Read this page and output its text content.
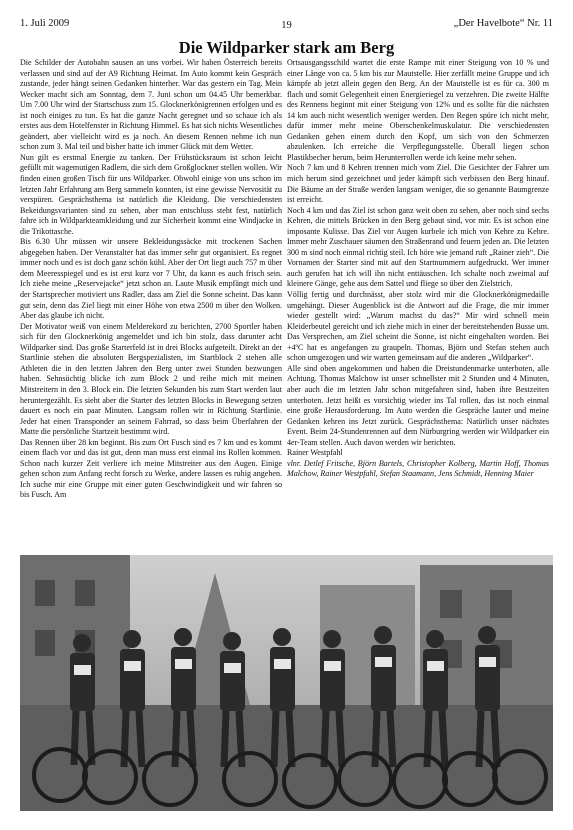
1. Juli 2009	19	„Der Havelbote“ Nr. 11
Die Wildparker stark am Berg

Die Schilder der Autobahn sausen an uns vorbei. Wir haben Österreich bereits verlassen und sind auf der A9 Richtung Heimat. Im Auto kommt kein Gespräch zustande, jeder hängt seinen Gedanken hinterher. War das gestern ein Tag. Mein Wecker macht sich am Sonntag, dem 7. Juni schon um 04.45 Uhr bemerkbar. Um 7.00 Uhr wird der Startschuss zum 15. Glocknerkönigrennen erfolgen und es ist noch einiges zu tun. Es hat die ganze Nacht geregnet und so schaue ich als erstes aus dem Hotelfenster in Richtung Himmel. Es hat sich nichts Wesentliches geändert, aber vielleicht wird es ja noch. An diesem Rennen nehme ich nun schon zum 3. Mal teil und bisher hatte ich immer Glück mit dem Wetter.

Nun gilt es erstmal Energie zu tanken. Der Frühstücksraum ist schon leicht gefüllt mit wagemutigen Radlern, die sich dem Großglockner stellen wollen. Wir finden einen großen Tisch für uns Wildparker. Obwohl einige von uns schon im letzten Jahr Erfahrung am Berg sammeln konnten, ist eine gewisse Nervosität zu verspüren. Gesprächsthema ist natürlich die Kleidung. Die verschiedensten Bekeidungsvarianten sind zu sehen, aber man entschluss steht fest, natürlich fahre ich in Wildparkteamkleidung und zur Sicherheit kommt eine Windjacke in die Trikottasche.

Bis 6.30 Uhr müssen wir unsere Bekleidungssäcke mit trockenen Sachen abgegeben haben. Der Veranstalter hat das immer sehr gut organisiert. Es regnet immer noch und es ist doch ganz schön kühl. Aber der Ort liegt auch 757 m über dem Meeresspiegel und es ist erst kurz vor 7 Uhr, da kann es auch frisch sein. Ich ziehe meine „Reservejacke“ jetzt schon an. Laute Musik empfängt mich und der Startsprecher motiviert uns Radler, dass am Ziel die Sonne scheint. Das kann gut sein, denn das Ziel liegt mit einer Höhe von etwa 2500 m über den Wolken. Aber das glaube ich nicht.

Der Motivator weiß von einem Melderekord zu berichten, 2700 Sportler haben sich für den Glocknerkönig angemeldet und ich bin stolz, dass darunter acht Wildparker sind. Das große Starterfeld ist in drei Blocks aufgeteilt. Direkt an der Startlinie stehen die absoluten Bergspezialisten, im Startblock 2 stehen alle Athleten die in den letzten Jahren den Berg unter zwei Stunden bezwungen haben. Sehnsüchtig blicke ich zum Block 2 und reihe mich mit meinen Mitstreitern in den 3. Block ein. Die letzten Sekunden bis zum Start werden laut heruntergezählt. Es sieht aber die Starter des letzten Blocks in Bewegung setzen dauert es noch ein paar Minuten. Langsam rollen wir in Richtung Startlinie. Jeder hat einen Transponder an seinem Fahrrad, so dass beim Überfahren der Matte die persönliche Startzeit bestimmt wird.

Das Rennen über 28 km beginnt. Bis zum Ort Fusch sind es 7 km und es kommt einem flach vor und das ist gut, denn man muss erst einmal ins Rollen kommen. Schon nach kurzer Zeit verliere ich meine Mitstreiter aus den Augen. Einige gehen schon zum Anfang recht forsch zu Werke, andere lassen es ruhig angehen. Ich suche mir eine Gruppe mit einer guten Geschwindigkeit und wir fahren so bis Fusch. Am

Ortsausgangsschild wartet die erste Rampe mit einer Steigung von 10 % und einer Länge von ca. 5 km bis zur Mautstelle. Hier zerfällt meine Gruppe und ich kämpfe ab jetzt allein gegen den Berg. An der Mautstelle ist es für ca. 300 m flach und somit Gelegenheit einen Energieriegel zu verzehren. Die zweite Hälfte des Rennens beginnt mit einer Steigung von 12% und es sollte für die nächsten 14 km auch nicht wesentlich weniger werden. Den Regen spüre ich nicht mehr, dafür immer mehr meine Oberschenkelmuskulatur. Die verschiedensten Gedanken gehen einem durch den Kopf, um sich von den Schmerzen abzulenken. Ich erreiche die Verpflegungsstelle. Überall liegen schon Plastikbecher herum, beim Herunterrollen werde ich keine mehr sehen.

Noch 7 km und 8 Kehren trennen mich vom Ziel. Die Gesichter der Fahrer um mich herum sind gezeichnet und jeder kämpft sich verbissen den Berg hinauf. Die Bäume an der Straße werden langsam weniger, die so genannte Baumgrenze ist erreicht.

Noch 4 km und das Ziel ist schon ganz weit oben zu sehen, aber noch sind sechs Kehren, die mittels Brücken in den Berg gebaut sind, vor mir. Es ist schon eine imposante Kulisse. Das Ziel vor Augen kurbele ich mich von Kehre zu Kehre. Immer mehr Zuschauer säumen den Straßenrand und feuern jeden an. Die letzten 300 m sind noch einmal richtig steil. Ich höre wie jemand ruft „Rainer zieh“. Die Vornamen der Starter sind mit auf den Startnummern aufgedruckt. Wer immer auch gerufen hat ich will ihn nicht enttäuschen. Ich schalte noch zweimal auf kleinere Gänge, gehe aus dem Sattel und fliege so über den Zielstrich.

Völlig fertig und durchnässt, aber stolz wird mir die Glocknerkönigmedaille umgehängt. Dieser Augenblick ist die Antwort auf die Frage, die mir immer wieder gestellt wird: „Warum machst du das?“ Mir wird schnell mein Kleiderbeutel gereicht und ich ziehe mich in einer der bereitstehenden Busse um. Das Versprechen, am Ziel scheint die Sonne, ist nicht eingehalten worden. Bei +4ºC hat es angefangen zu graupeln. Thomas, Björn und Stefan stehen auch schon umgezogen und wir warten gemeinsam auf die anderen „Wildparker“.

Alle sind oben angekommen und haben die Dreistundenmarke unterboten, alle Achtung. Thomas Malchow ist unser schnellster mit 2 Stunden und 4 Minuten, aber auch die im letzten Jahr schon mitgefahren sind, haben ihre Bestzeiten unterboten. Jetzt heißt es vorsichtig wieder ins Tal rollen, das ist noch einmal eine große Herausforderung. Im Auto werden die Gespräche lauter und meine Gedanken kehren ins Jetzt zurück. Gesprächsthema: Natürlich unser nächstes Event. Beim 24-Stundenrennen auf dem Nürburgring werden wir Wildparker ein 4er-Team stellen. Auch davon werden wir berichten.

Rainer Westpfahl

vlnr. Detlef Fritsche, Björn Bartels, Christopher Kolberg, Martin Hoff, Thomas Malchow, Rainer Westpfahl, Stefan Staamann, Jens Schmidt, Henning Maier
